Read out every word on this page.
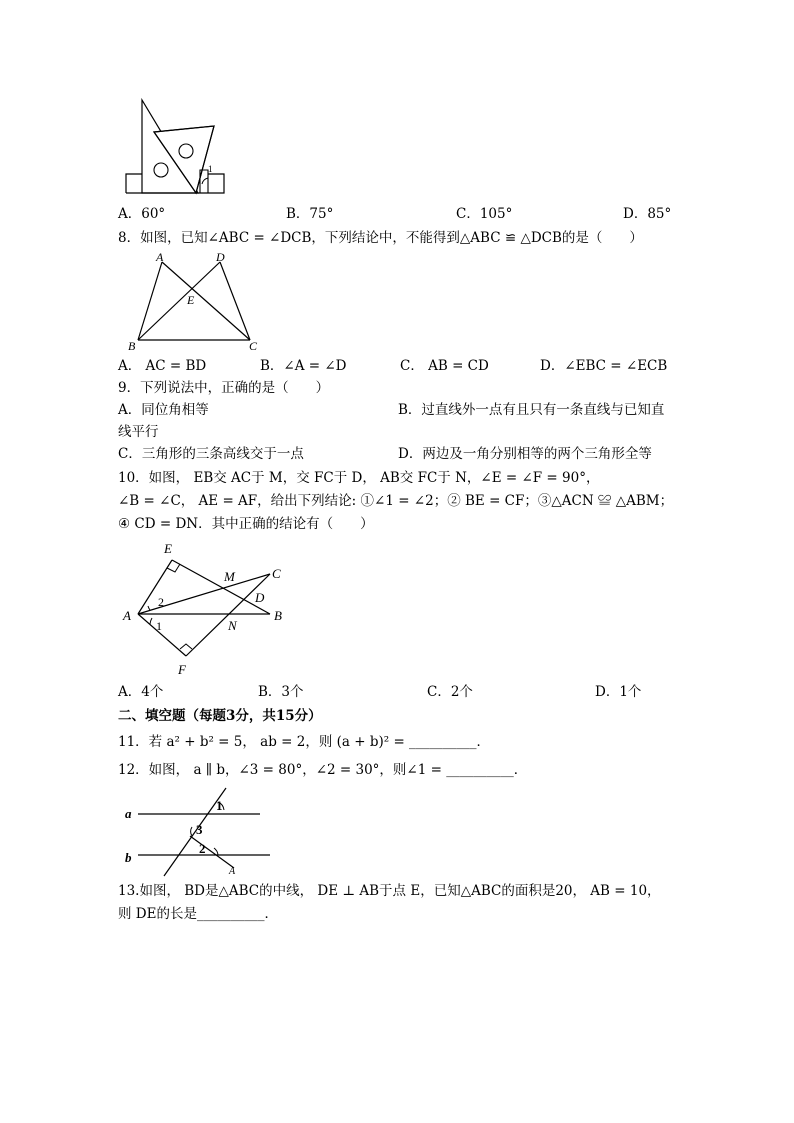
1
A．60°	B．75°	C．105°	D．85°
8．如图，已知∠ABC = ∠DCB，下列结论中，不能得到△ABC ≌ △DCB的是（　　）
A	D
E
B	C
A． AC = BD	B．∠A = ∠D	C． AB = CD	D．∠EBC = ∠ECB
9．下列说法中，正确的是（　　）
A．同位角相等	B．过直线外一点有且只有一条直线与已知直
线平行
C．三角形的三条高线交于一点	D．两边及一角分别相等的两个三角形全等
10．如图， EB交 AC于 M，交 FC于 D， AB交 FC于 N，∠E = ∠F = 90°，
∠B = ∠C， AE = AF，给出下列结论: ①∠1 = ∠2；② BE = CF；③△ACN ≌ △ABM；
④ CD = DN．其中正确的结论有（　　）
E
M	C
A
D
B
N
F
2
1
A．4个	B．3个	C．2个	D．1个
二、填空题（每题3分，共15分）
11．若 a² + b² = 5， ab = 2，则 (a + b)² = __________．
12．如图， a ∥ b，∠3 = 80°，∠2 = 30°，则∠1 = __________．
a
b
1
3
2
A
13.如图， BD是△ABC的中线， DE ⊥ AB于点 E，已知△ABC的面积是20， AB = 10，
则 DE的长是__________．
